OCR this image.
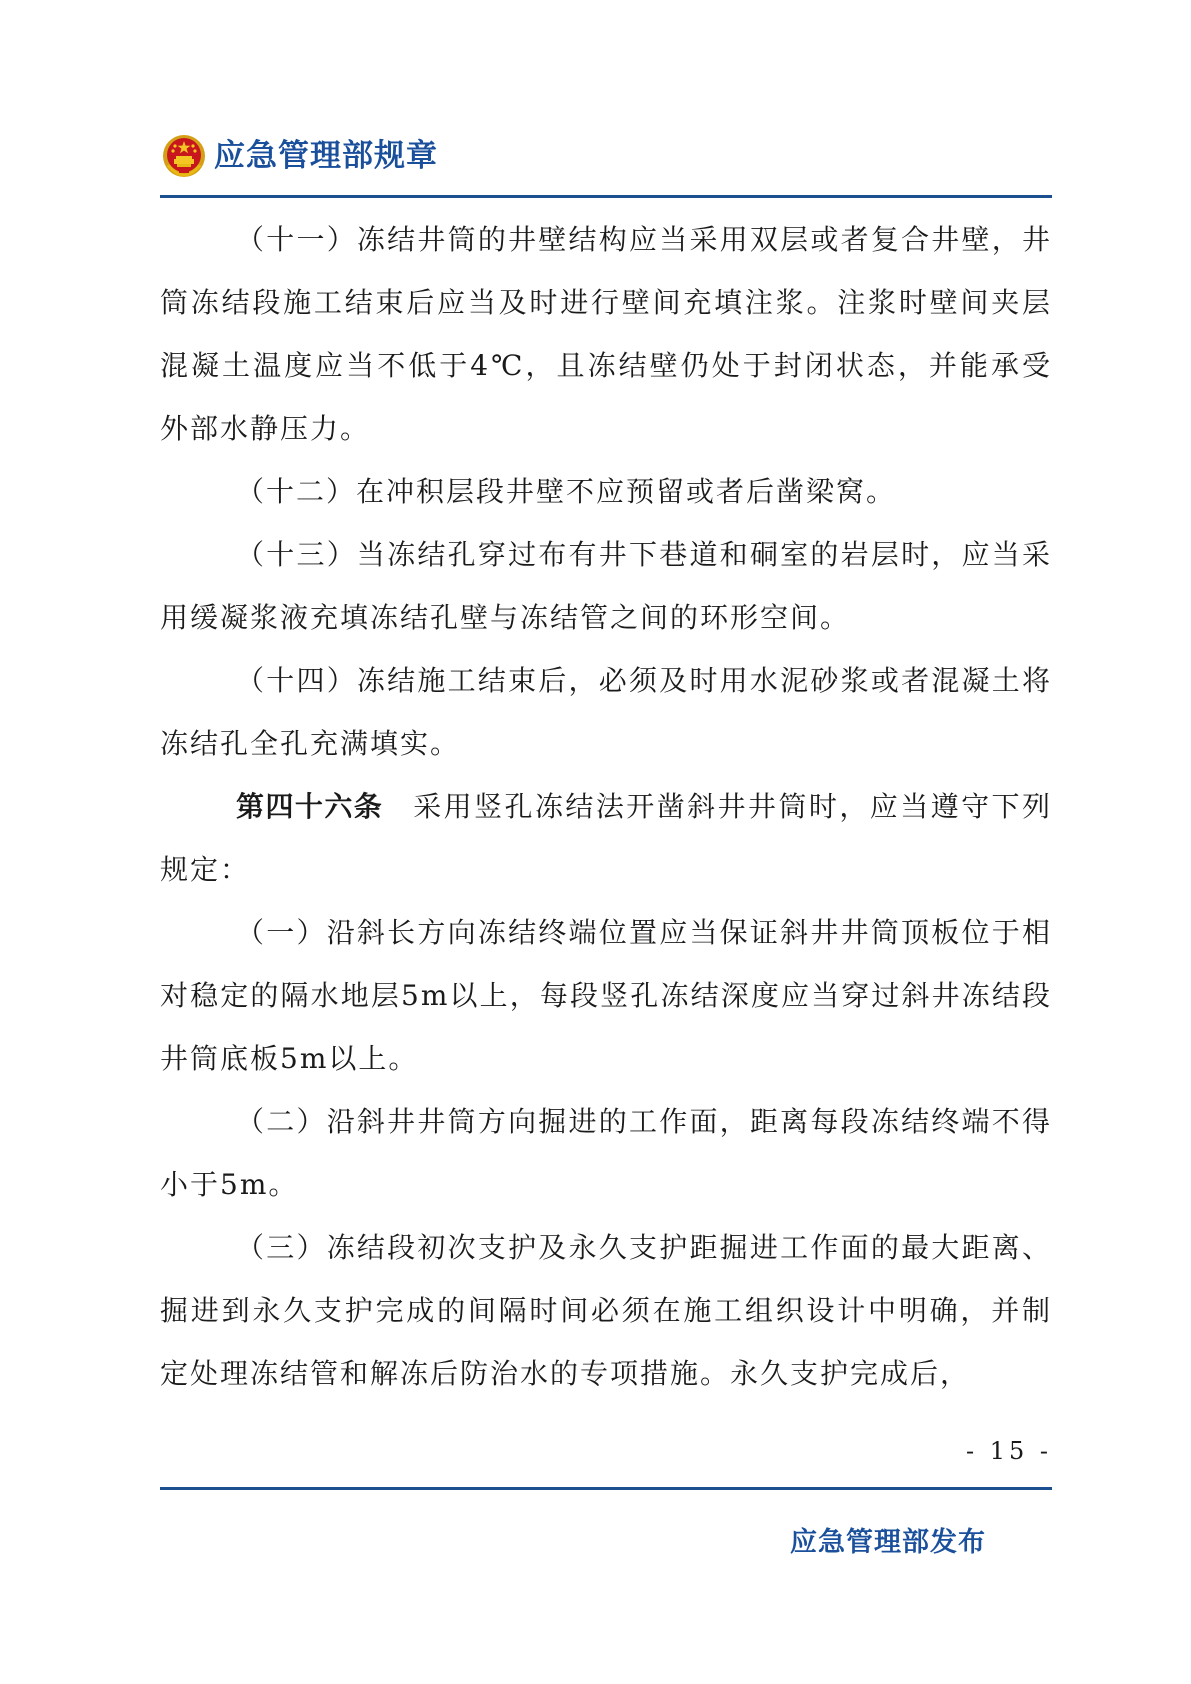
应急管理部规章

（十一）冻结井筒的井壁结构应当采用双层或者复合井壁，井筒冻结段施工结束后应当及时进行壁间充填注浆。注浆时壁间夹层混凝土温度应当不低于4℃，且冻结壁仍处于封闭状态，并能承受外部水静压力。

（十二）在冲积层段井壁不应预留或者后凿梁窝。

（十三）当冻结孔穿过布有井下巷道和硐室的岩层时，应当采用缓凝浆液充填冻结孔壁与冻结管之间的环形空间。

（十四）冻结施工结束后，必须及时用水泥砂浆或者混凝土将冻结孔全孔充满填实。

第四十六条 采用竖孔冻结法开凿斜井井筒时，应当遵守下列规定：

（一）沿斜长方向冻结终端位置应当保证斜井井筒顶板位于相对稳定的隔水地层5m以上，每段竖孔冻结深度应当穿过斜井冻结段井筒底板5m以上。

（二）沿斜井井筒方向掘进的工作面，距离每段冻结终端不得小于5m。

（三）冻结段初次支护及永久支护距掘进工作面的最大距离、掘进到永久支护完成的间隔时间必须在施工组织设计中明确，并制定处理冻结管和解冻后防治水的专项措施。永久支护完成后，

- 15 -
应急管理部发布
